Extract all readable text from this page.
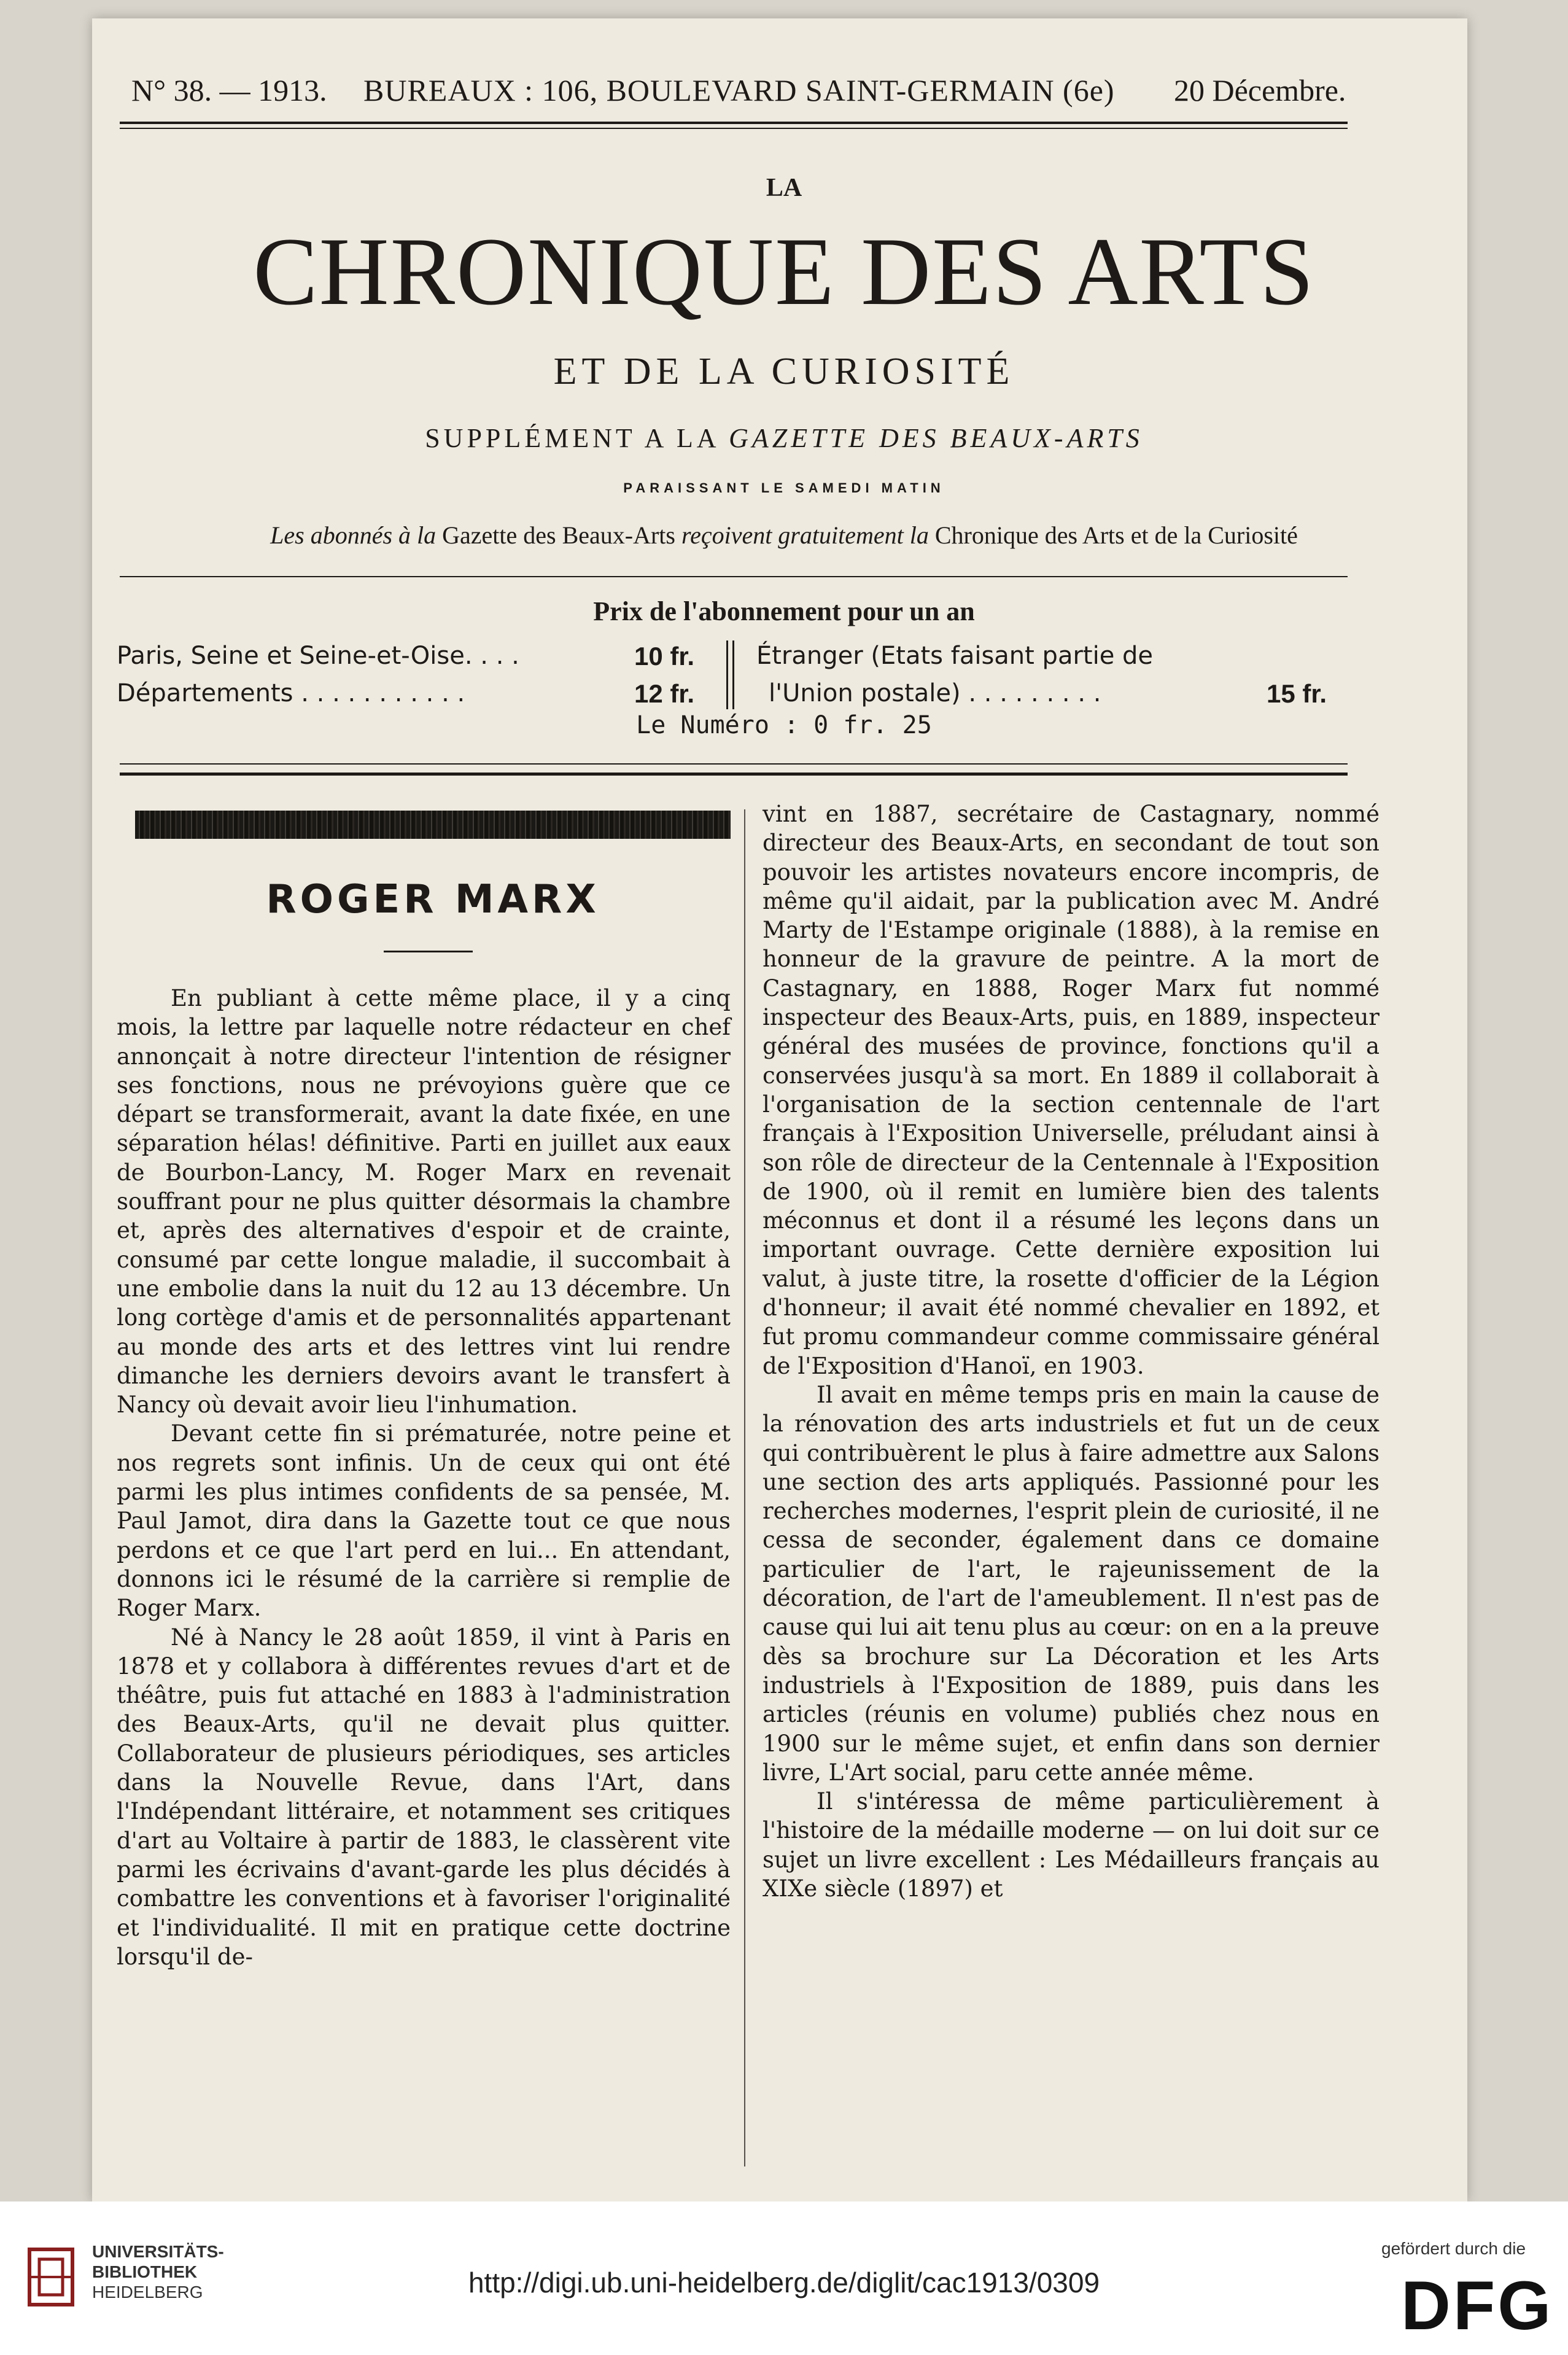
N° 38. — 1913. BUREAUX : 106, BOULEVARD SAINT-GERMAIN (6e) 20 Décembre.
LA
CHRONIQUE DES ARTS
ET DE LA CURIOSITÉ
SUPPLÉMENT A LA GAZETTE DES BEAUX-ARTS
PARAISSANT LE SAMEDI MATIN
Les abonnés à la Gazette des Beaux-Arts reçoivent gratuitement la Chronique des Arts et de la Curiosité
Prix de l'abonnement pour un an
Paris, Seine et Seine-et-Oise. . . .	10 fr.
Départements . . . . . . . . . . .	12 fr.
Étranger (Etats faisant partie de
l'Union postale) . . . . . . . . .	15 fr.
Le Numéro : 0 fr. 25
ROGER MARX

En publiant à cette même place, il y a cinq mois, la lettre par laquelle notre rédacteur en chef annonçait à notre directeur l'intention de résigner ses fonctions, nous ne prévoyions guère que ce départ se transformerait, avant la date fixée, en une séparation hélas! définitive. Parti en juillet aux eaux de Bourbon-Lancy, M. Roger Marx en revenait souffrant pour ne plus quitter désormais la chambre et, après des alternatives d'espoir et de crainte, consumé par cette longue maladie, il succombait à une embolie dans la nuit du 12 au 13 décembre. Un long cortège d'amis et de personnalités appartenant au monde des arts et des lettres vint lui rendre dimanche les derniers devoirs avant le transfert à Nancy où devait avoir lieu l'inhumation.

Devant cette fin si prématurée, notre peine et nos regrets sont infinis. Un de ceux qui ont été parmi les plus intimes confidents de sa pensée, M. Paul Jamot, dira dans la Gazette tout ce que nous perdons et ce que l'art perd en lui... En attendant, donnons ici le résumé de la carrière si remplie de Roger Marx.

Né à Nancy le 28 août 1859, il vint à Paris en 1878 et y collabora à différentes revues d'art et de théâtre, puis fut attaché en 1883 à l'administration des Beaux-Arts, qu'il ne devait plus quitter. Collaborateur de plusieurs périodiques, ses articles dans la Nouvelle Revue, dans l'Art, dans l'Indépendant littéraire, et notamment ses critiques d'art au Voltaire à partir de 1883, le classèrent vite parmi les écrivains d'avant-garde les plus décidés à combattre les conventions et à favoriser l'originalité et l'individualité. Il mit en pratique cette doctrine lorsqu'il de-

vint en 1887, secrétaire de Castagnary, nommé directeur des Beaux-Arts, en secondant de tout son pouvoir les artistes novateurs encore incompris, de même qu'il aidait, par la publication avec M. André Marty de l'Estampe originale (1888), à la remise en honneur de la gravure de peintre. A la mort de Castagnary, en 1888, Roger Marx fut nommé inspecteur des Beaux-Arts, puis, en 1889, inspecteur général des musées de province, fonctions qu'il a conservées jusqu'à sa mort. En 1889 il collaborait à l'organisation de la section centennale de l'art français à l'Exposition Universelle, préludant ainsi à son rôle de directeur de la Centennale à l'Exposition de 1900, où il remit en lumière bien des talents méconnus et dont il a résumé les leçons dans un important ouvrage. Cette dernière exposition lui valut, à juste titre, la rosette d'officier de la Légion d'honneur; il avait été nommé chevalier en 1892, et fut promu commandeur comme commissaire général de l'Exposition d'Hanoï, en 1903.

Il avait en même temps pris en main la cause de la rénovation des arts industriels et fut un de ceux qui contribuèrent le plus à faire admettre aux Salons une section des arts appliqués. Passionné pour les recherches modernes, l'esprit plein de curiosité, il ne cessa de seconder, également dans ce domaine particulier de l'art, le rajeunissement de la décoration, de l'art de l'ameublement. Il n'est pas de cause qui lui ait tenu plus au cœur: on en a la preuve dès sa brochure sur La Décoration et les Arts industriels à l'Exposition de 1889, puis dans les articles (réunis en volume) publiés chez nous en 1900 sur le même sujet, et enfin dans son dernier livre, L'Art social, paru cette année même.

Il s'intéressa de même particulièrement à l'histoire de la médaille moderne — on lui doit sur ce sujet un livre excellent : Les Médailleurs français au XIXe siècle (1897) et

UNIVERSITÄTS-
BIBLIOTHEK
HEIDELBERG	http://digi.ub.uni-heidelberg.de/diglit/cac1913/0309
gefördert durch die
DFG
